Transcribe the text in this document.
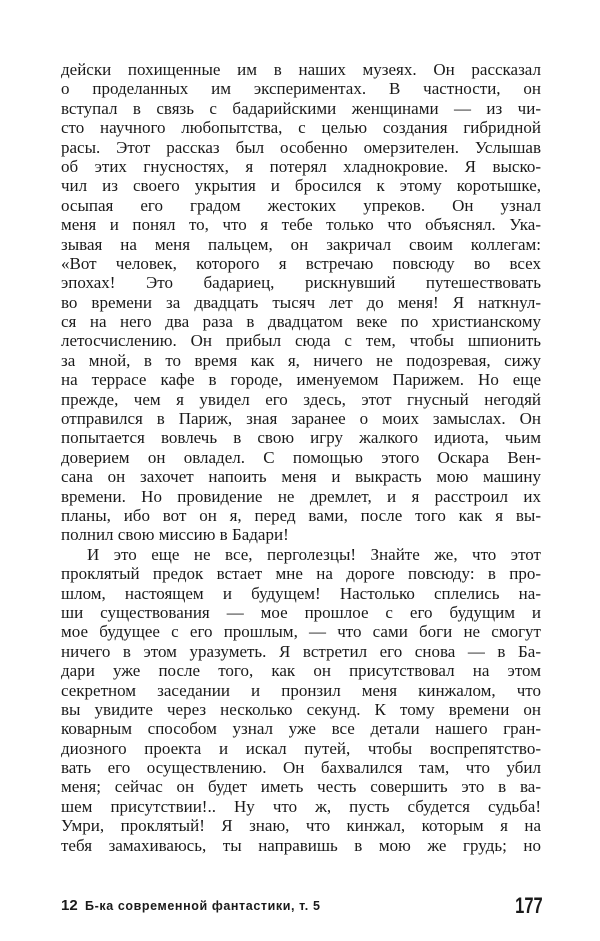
дейски похищенные им в наших музеях. Он рассказал
о проделанных им экспериментах. В частности, он
вступал в связь с бадарийскими женщинами — из чи-
сто научного любопытства, с целью создания гибридной
расы. Этот рассказ был особенно омерзителен. Услышав
об этих гнусностях, я потерял хладнокровие. Я выско-
чил из своего укрытия и бросился к этому коротышке,
осыпая его градом жестоких упреков. Он узнал
меня и понял то, что я тебе только что объяснял. Ука-
зывая на меня пальцем, он закричал своим коллегам:
«Вот человек, которого я встречаю повсюду во всех
эпохах! Это бадариец, рискнувший путешествовать
во времени за двадцать тысяч лет до меня! Я наткнул-
ся на него два раза в двадцатом веке по христианскому
летосчислению. Он прибыл сюда с тем, чтобы шпионить
за мной, в то время как я, ничего не подозревая, сижу
на террасе кафе в городе, именуемом Парижем. Но еще
прежде, чем я увидел его здесь, этот гнусный негодяй
отправился в Париж, зная заранее о моих замыслах. Он
попытается вовлечь в свою игру жалкого идиота, чьим
доверием он овладел. С помощью этого Оскара Вен-
сана он захочет напоить меня и выкрасть мою машину
времени. Но провидение не дремлет, и я расстроил их
планы, ибо вот он я, перед вами, после того как я вы-
полнил свою миссию в Бадари!
И это еще не все, перголезцы! Знайте же, что этот
проклятый предок встает мне на дороге повсюду: в про-
шлом, настоящем и будущем! Настолько сплелись на-
ши существования — мое прошлое с его будущим и
мое будущее с его прошлым, — что сами боги не смогут
ничего в этом уразуметь. Я встретил его снова — в Ба-
дари уже после того, как он присутствовал на этом
секретном заседании и пронзил меня кинжалом, что
вы увидите через несколько секунд. К тому времени он
коварным способом узнал уже все детали нашего гран-
диозного проекта и искал путей, чтобы воспрепятство-
вать его осуществлению. Он бахвалился там, что убил
меня; сейчас он будет иметь честь совершить это в ва-
шем присутствии!.. Ну что ж, пусть сбудется судьба!
Умри, проклятый! Я знаю, что кинжал, которым я на
тебя замахиваюсь, ты направишь в мою же грудь; но
12 Б-ка современной фантастики, т. 5	177
